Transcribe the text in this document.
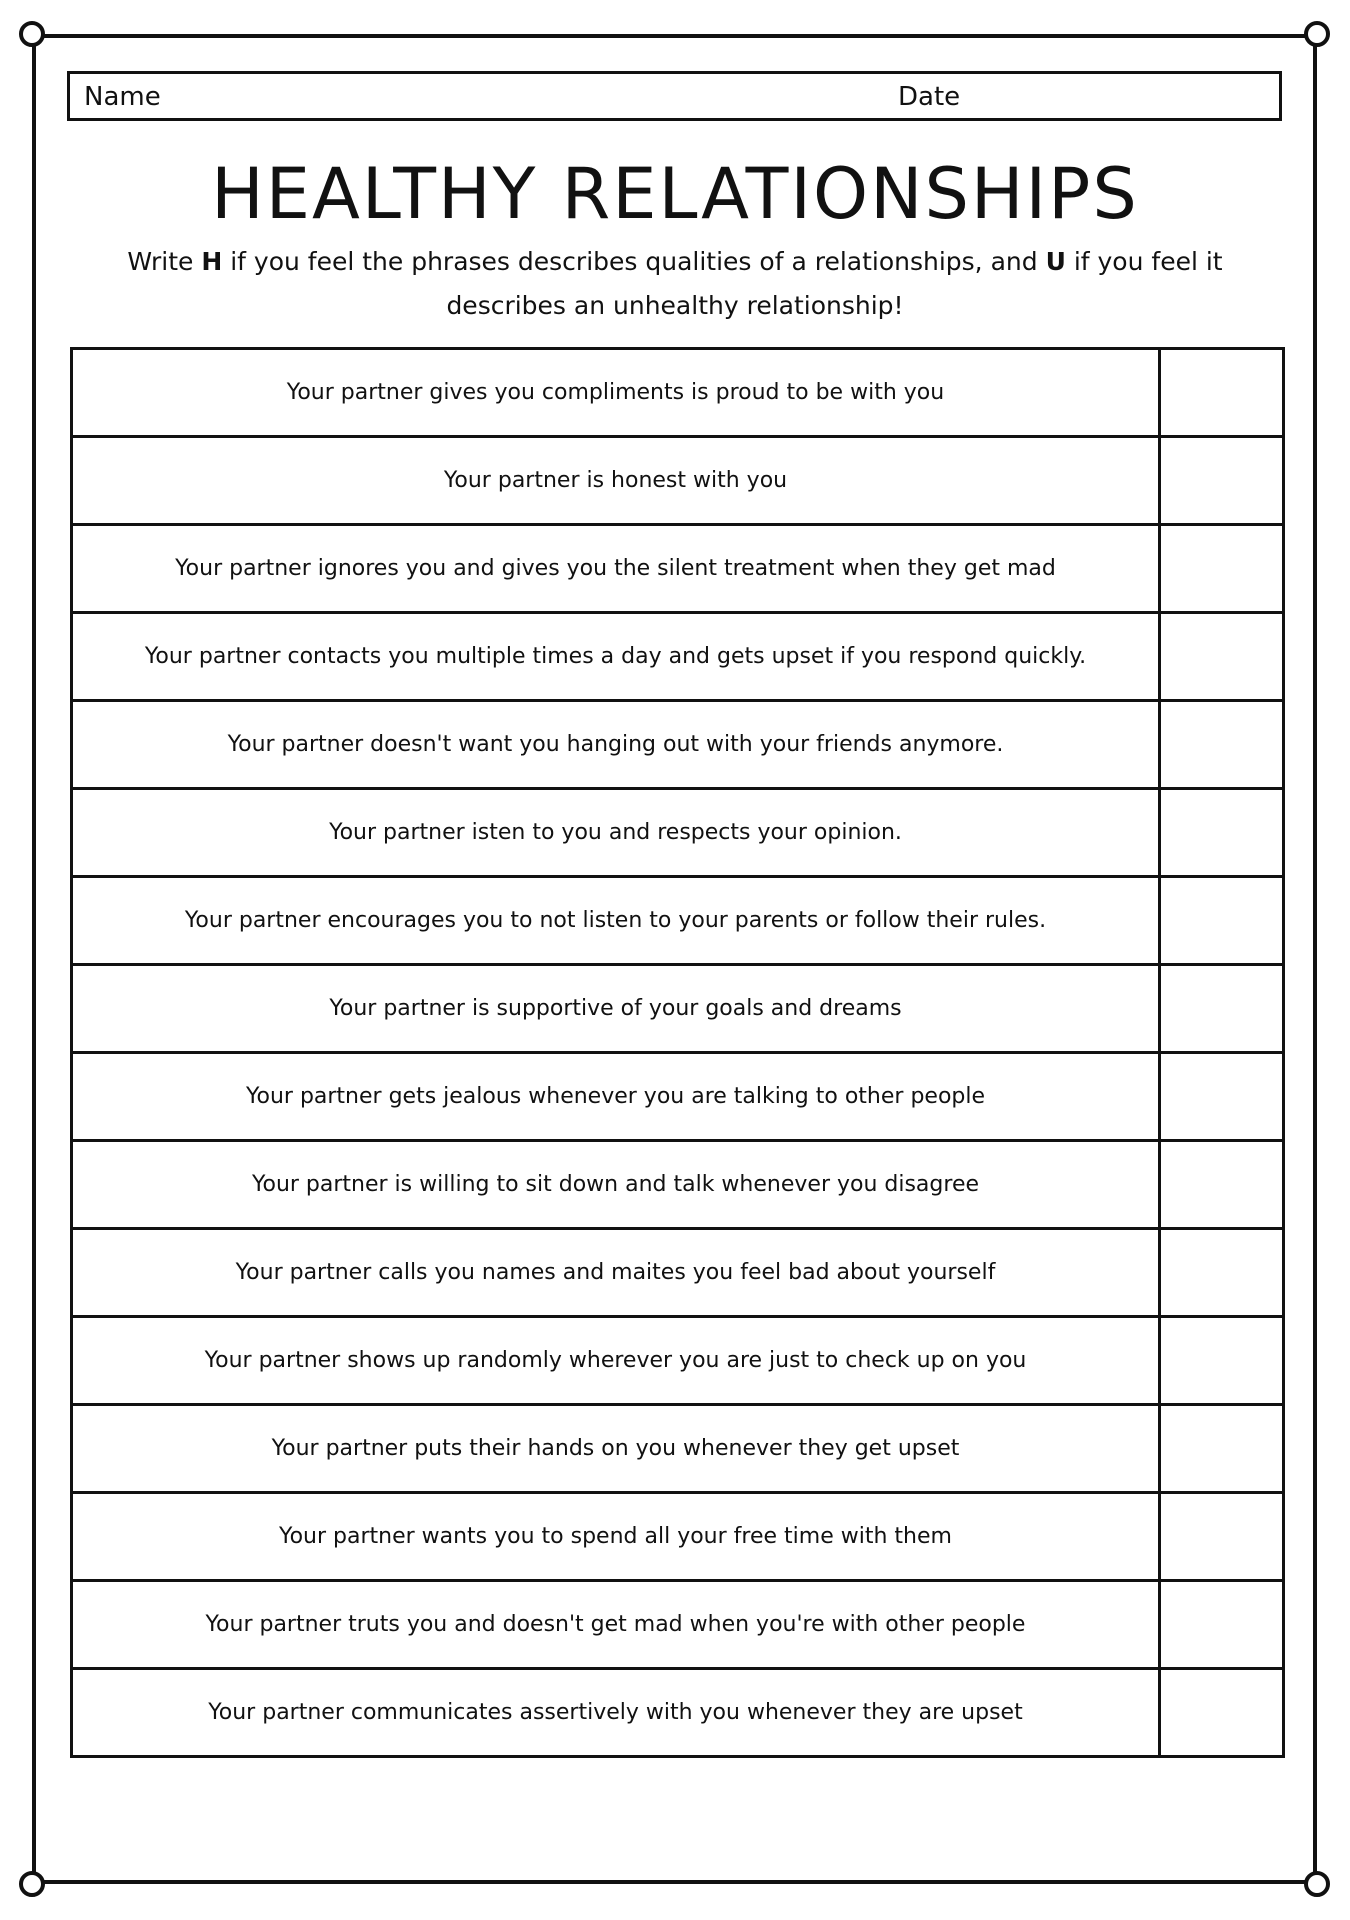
Name	Date
HEALTHY RELATIONSHIPS
Write H if you feel the phrases describes qualities of a relationships, and U if you feel it describes an unhealthy relationship!
Your partner gives you compliments is proud to be with you	
Your partner is honest with you	
Your partner ignores you and gives you the silent treatment when they get mad	
Your partner contacts you multiple times a day and gets upset if you respond quickly.	
Your partner doesn't want you hanging out with your friends anymore.	
Your partner isten to you and respects your opinion.	
Your partner encourages you to not listen to your parents or follow their rules.	
Your partner is supportive of your goals and dreams	
Your partner gets jealous whenever you are talking to other people	
Your partner is willing to sit down and talk whenever you disagree	
Your partner calls you names and maites you feel bad about yourself	
Your partner shows up randomly wherever you are just to check up on you	
Your partner puts their hands on you whenever they get upset	
Your partner wants you to spend all your free time with them	
Your partner truts you and doesn't get mad when you're with other people	
Your partner communicates assertively with you whenever they are upset	
